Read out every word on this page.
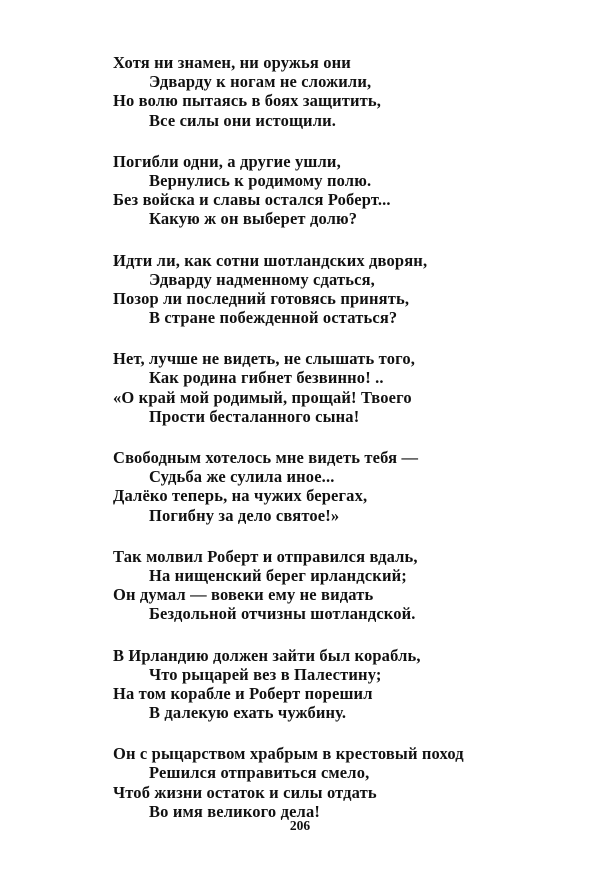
Хотя ни знамен, ни оружья они
Эдварду к ногам не сложили,
Но волю пытаясь в боях защитить,
Все силы они истощили.
Погибли одни, а другие ушли,
Вернулись к родимому полю.
Без войска и славы остался Роберт...
Какую ж он выберет долю?
Идти ли, как сотни шотландских дворян,
Эдварду надменному сдаться,
Позор ли последний готовясь принять,
В стране побежденной остаться?
Нет, лучше не видеть, не слышать того,
Как родина гибнет безвинно! ..
«О край мой родимый, прощай! Твоего
Прости бесталанного сына!
Свободным хотелось мне видеть тебя —
Судьба же сулила иное...
Далёко теперь, на чужих берегах,
Погибну за дело святое!»
Так молвил Роберт и отправился вдаль,
На нищенский берег ирландский;
Он думал — вовеки ему не видать
Бездольной отчизны шотландской.
В Ирландию должен зайти был корабль,
Что рыцарей вез в Палестину;
На том корабле и Роберт порешил
В далекую ехать чужбину.
Он с рыцарством храбрым в крестовый поход
Решился отправиться смело,
Чтоб жизни остаток и силы отдать
Во имя великого дела!
206
